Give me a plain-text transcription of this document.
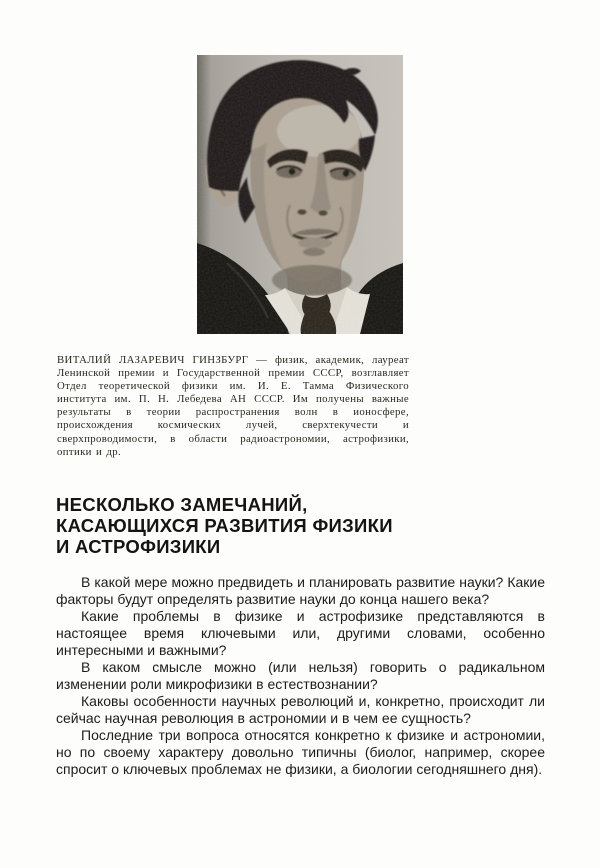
ВИТАЛИЙ ЛАЗАРЕВИЧ ГИНЗБУРГ — физик, академик, лауреат Ленинской премии и Государственной премии СССР, возглавляет Отдел теоретической физики им. И. Е. Тамма Физического института им. П. Н. Лебедева АН СССР. Им получены важные результаты в теории распространения волн в ионосфере, происхождения космических лучей, сверхтекучести и сверхпроводимости, в области радиоастрономии, астрофизики, оптики и др.

НЕСКОЛЬКО ЗАМЕЧАНИЙ,
КАСАЮЩИХСЯ РАЗВИТИЯ ФИЗИКИ
И АСТРОФИЗИКИ

В какой мере можно предвидеть и планировать развитие науки? Какие факторы будут определять развитие науки до конца нашего века?

Какие проблемы в физике и астрофизике представляются в настоящее время ключевыми или, другими словами, особенно интересными и важными?

В каком смысле можно (или нельзя) говорить о радикальном изменении роли микрофизики в естествознании?

Каковы особенности научных революций и, конкретно, происходит ли сейчас научная революция в астрономии и в чем ее сущность?

Последние три вопроса относятся конкретно к физике и астрономии, но по своему характеру довольно типичны (биолог, например, скорее спросит о ключевых проблемах не физики, а биологии сегодняшнего дня).
